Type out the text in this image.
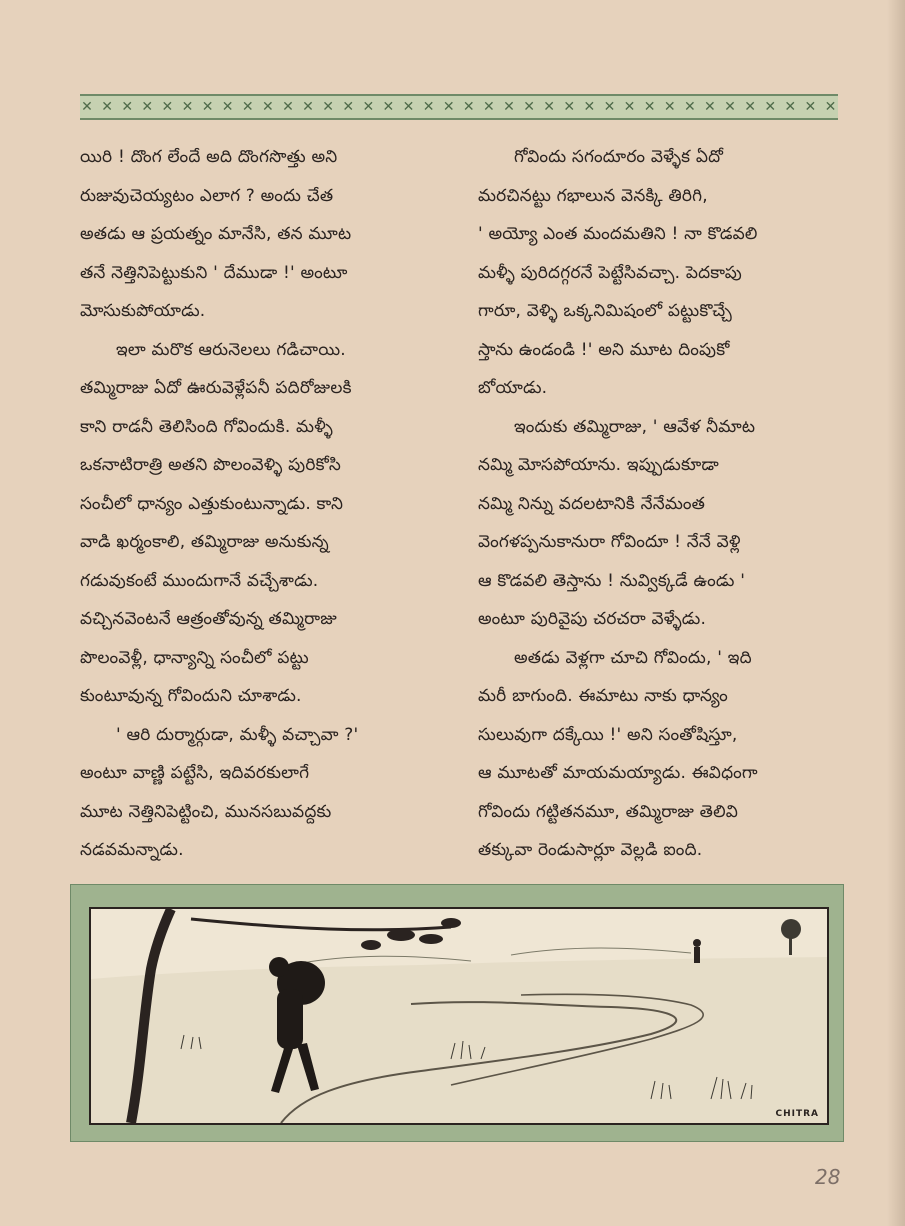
✕ ✕ ✕ ✕ ✕ ✕ ✕ ✕ ✕ ✕ ✕ ✕ ✕ ✕ ✕ ✕ ✕ ✕ ✕ ✕ ✕ ✕ ✕ ✕ ✕ ✕ ✕ ✕ ✕ ✕ ✕ ✕ ✕ ✕ ✕ ✕ ✕ ✕
యిరి ! దొంగ లేందే అది దొంగసొత్తు అని
రుజువుచెయ్యటం ఎలాగ ? అందు చేత
అతడు ఆ ప్రయత్నం మానేసి, తన మూట
తనే నెత్తినిపెట్టుకుని ' దేముడా !' అంటూ
మోసుకుపోయాడు.
ఇలా మరొక ఆరునెలలు గడిచాయి.
తమ్మిరాజు ఏదో ఊరువెళ్లేపనీ పదిరోజులకి
కాని రాడనీ తెలిసింది గోవిందుకి. మళ్ళీ
ఒకనాటిరాత్రి అతని పొలంవెళ్ళి పురికోసి
సంచీలో ధాన్యం ఎత్తుకుంటున్నాడు. కాని
వాడి ఖర్మంకాలి, తమ్మిరాజు అనుకున్న
గడువుకంటే ముందుగానే వచ్చేశాడు.
వచ్చినవెంటనే ఆత్రంతోవున్న తమ్మిరాజు
పొలంవెళ్లీ, ధాన్యాన్ని సంచీలో పట్టు
కుంటూవున్న గోవిందుని చూశాడు.
' ఆరి దుర్మార్గుడా, మళ్ళీ వచ్చావా ?'
అంటూ వాణ్ణి పట్టేసి, ఇదివరకులాగే
మూట నెత్తినిపెట్టించి, మునసబువద్దకు
నడవమన్నాడు.
గోవిందు సగందూరం వెళ్ళేక ఏదో
మరచినట్టు గభాలున వెనక్కి తిరిగి,
' అయ్యో ఎంత మందమతిని ! నా కొడవలి
మళ్ళీ పురిదగ్గరనే పెట్టేసివచ్చా. పెదకాపు
గారూ, వెళ్ళి ఒక్కనిమిషంలో పట్టుకొచ్చే
స్తాను ఉండండి !' అని మూట దింపుకో
బోయాడు.
ఇందుకు తమ్మిరాజు, ' ఆవేళ నీమాట
నమ్మి మోసపోయాను. ఇప్పుడుకూడా
నమ్మి నిన్ను వదలటానికి నేనేమంత
వెంగళప్పనుకానురా గోవిందూ ! నేనే వెళ్లి
ఆ కొడవలి తెస్తాను ! నువ్విక్కడే ఉండు '
అంటూ పురివైపు చరచరా వెళ్ళేడు.
అతడు వెళ్లగా చూచి గోవిందు, ' ఇది
మరీ బాగుంది. ఈమాటు నాకు ధాన్యం
సులువుగా దక్కేయి !' అని సంతోషిస్తూ,
ఆ మూటతో మాయమయ్యాడు. ఈవిధంగా
గోవిందు గట్టితనమూ, తమ్మిరాజు తెలివి
తక్కువా రెండుసార్లూ వెల్లడి ఐంది.
CHITRA
28
